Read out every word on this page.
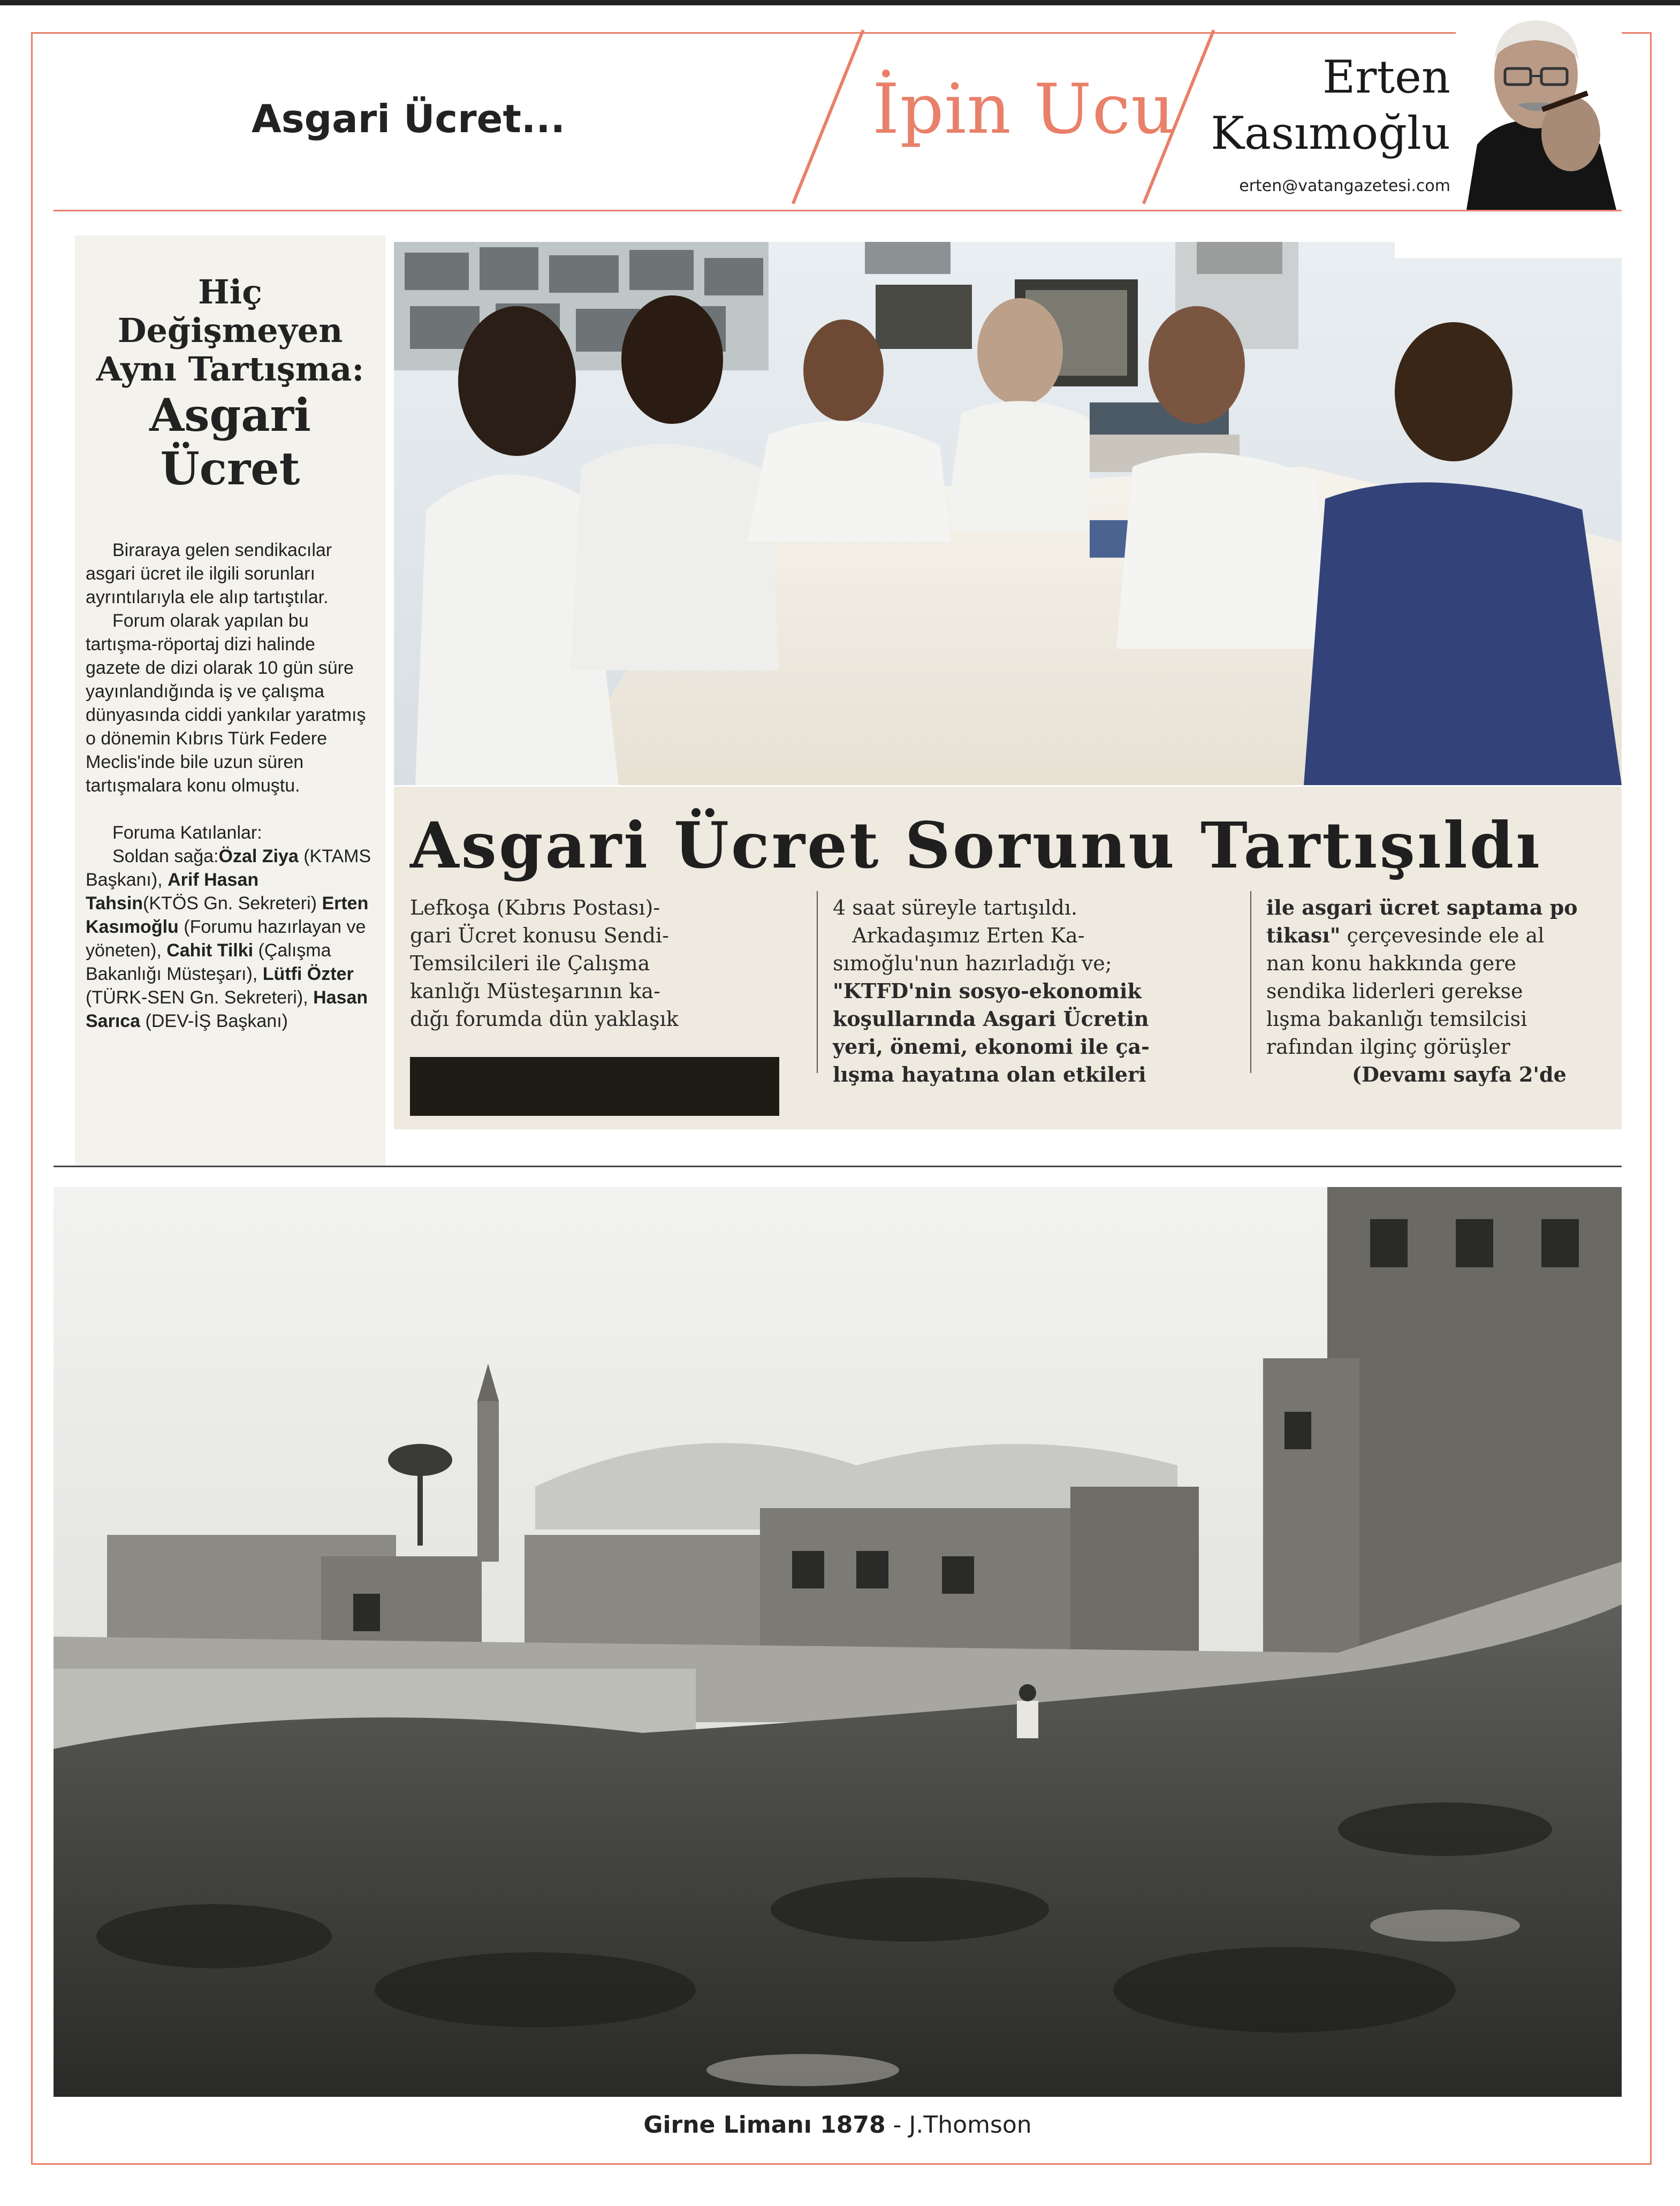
Asgari Ücret...	İpin Ucu	Erten
Kasımoğlu
erten@vatangazetesi.com
Hiç Değişmeyen
Aynı Tartışma:
Asgari Ücret

Biraraya gelen sendikacılar asgari ücret ile ilgili sorunları ayrıntılarıyla ele alıp tartıştılar.

Forum olarak yapılan bu tartışma-röportaj dizi halinde gazete de dizi olarak 10 gün süre yayınlandığında iş ve çalışma dünyasında ciddi yankılar yaratmış o dönemin Kıbrıs Türk Federe Meclis'inde bile uzun süren tartışmalara konu olmuştu.

Foruma Katılanlar:

Soldan sağa:Özal Ziya (KTAMS Başkanı), Arif Hasan Tahsin(KTÖS Gn. Sekreteri) Erten Kasımoğlu (Forumu hazırlayan ve yöneten), Cahit Tilki (Çalışma Bakanlığı Müsteşarı), Lütfi Özter (TÜRK-SEN Gn. Sekreteri), Hasan Sarıca (DEV-İŞ Başkanı)

Asgari Ücret Sorunu Tartışıldı
Lefkoşa (Kıbrıs Postası)-
gari Ücret konusu Sendi-
Temsilcileri ile Çalışma
kanlığı Müsteşarının ka-
dığı forumda dün yaklaşık
4 saat süreyle tartışıldı.
Arkadaşımız Erten Ka-
sımoğlu'nun hazırladığı ve;
"KTFD'nin sosyo-ekonomik
koşullarında Asgari Ücretin
yeri, önemi, ekonomi ile ça-
lışma hayatına olan etkileri
ile asgari ücret saptama po
tikası" çerçevesinde ele al
nan konu hakkında gere
sendika liderleri gerekse
lışma bakanlığı temsilcisi
rafından ilginç görüşler
(Devamı sayfa 2'de
Girne Limanı 1878 - J.Thomson
